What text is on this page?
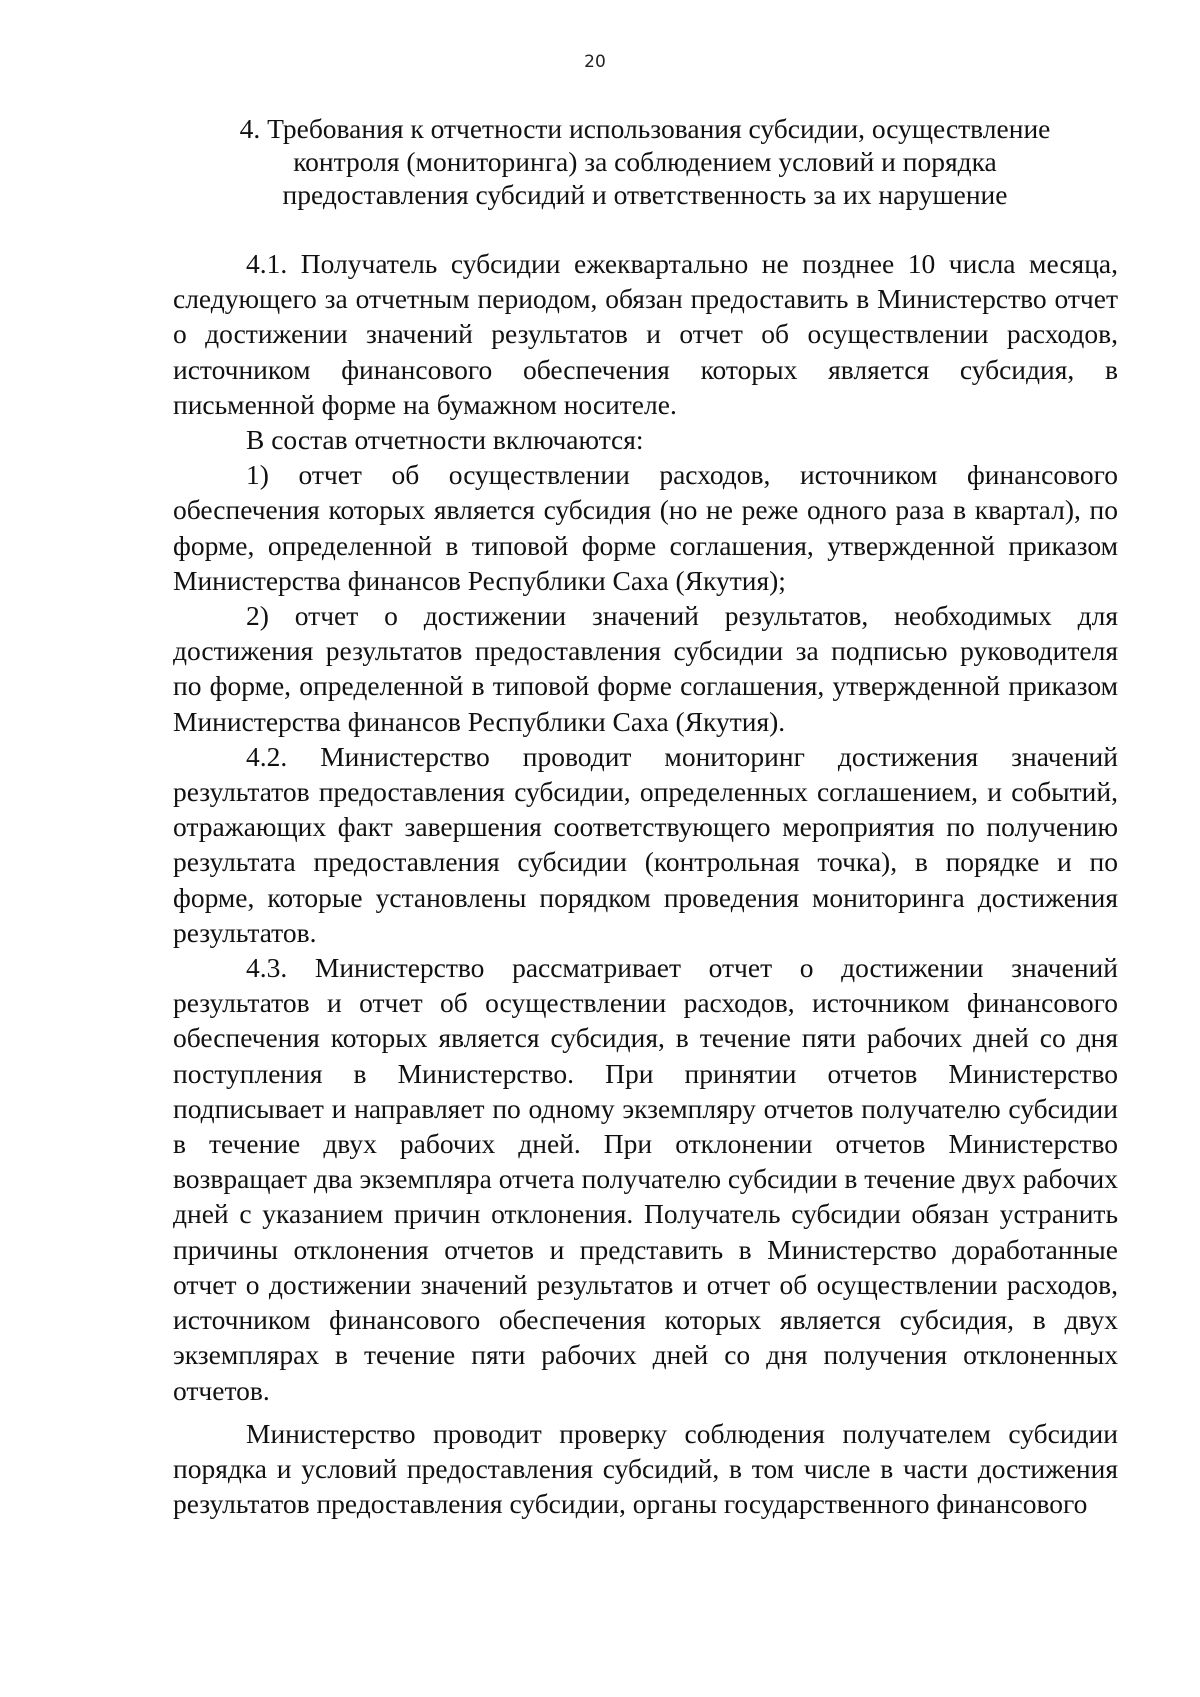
20
4. Требования к отчетности использования субсидии, осуществление
контроля (мониторинга) за соблюдением условий и порядка
предоставления субсидий и ответственность за их нарушение

4.1. Получатель субсидии ежеквартально не позднее 10 числа месяца, следующего за отчетным периодом, обязан предоставить в Министерство отчет о достижении значений результатов и отчет об осуществлении расходов, источником финансового обеспечения которых является субсидия, в письменной форме на бумажном носителе.

В состав отчетности включаются:

1) отчет об осуществлении расходов, источником финансового обеспечения которых является субсидия (но не реже одного раза в квартал), по форме, определенной в типовой форме соглашения, утвержденной приказом Министерства финансов Республики Саха (Якутия);

2) отчет о достижении значений результатов, необходимых для достижения результатов предоставления субсидии за подписью руководителя по форме, определенной в типовой форме соглашения, утвержденной приказом Министерства финансов Республики Саха (Якутия).

4.2. Министерство проводит мониторинг достижения значений результатов предоставления субсидии, определенных соглашением, и событий, отражающих факт завершения соответствующего мероприятия по получению результата предоставления субсидии (контрольная точка), в порядке и по форме, которые установлены порядком проведения мониторинга достижения результатов.

4.3. Министерство рассматривает отчет о достижении значений результатов и отчет об осуществлении расходов, источником финансового обеспечения которых является субсидия, в течение пяти рабочих дней со дня поступления в Министерство. При принятии отчетов Министерство подписывает и направляет по одному экземпляру отчетов получателю субсидии в течение двух рабочих дней. При отклонении отчетов Министерство возвращает два экземпляра отчета получателю субсидии в течение двух рабочих дней с указанием причин отклонения. Получатель субсидии обязан устранить причины отклонения отчетов и представить в Министерство доработанные отчет о достижении значений результатов и отчет об осуществлении расходов, источником финансового обеспечения которых является субсидия, в двух экземплярах в течение пяти рабочих дней со дня получения отклоненных отчетов.

Министерство проводит проверку соблюдения получателем субсидии порядка и условий предоставления субсидий, в том числе в части достижения результатов предоставления субсидии, органы государственного финансового
